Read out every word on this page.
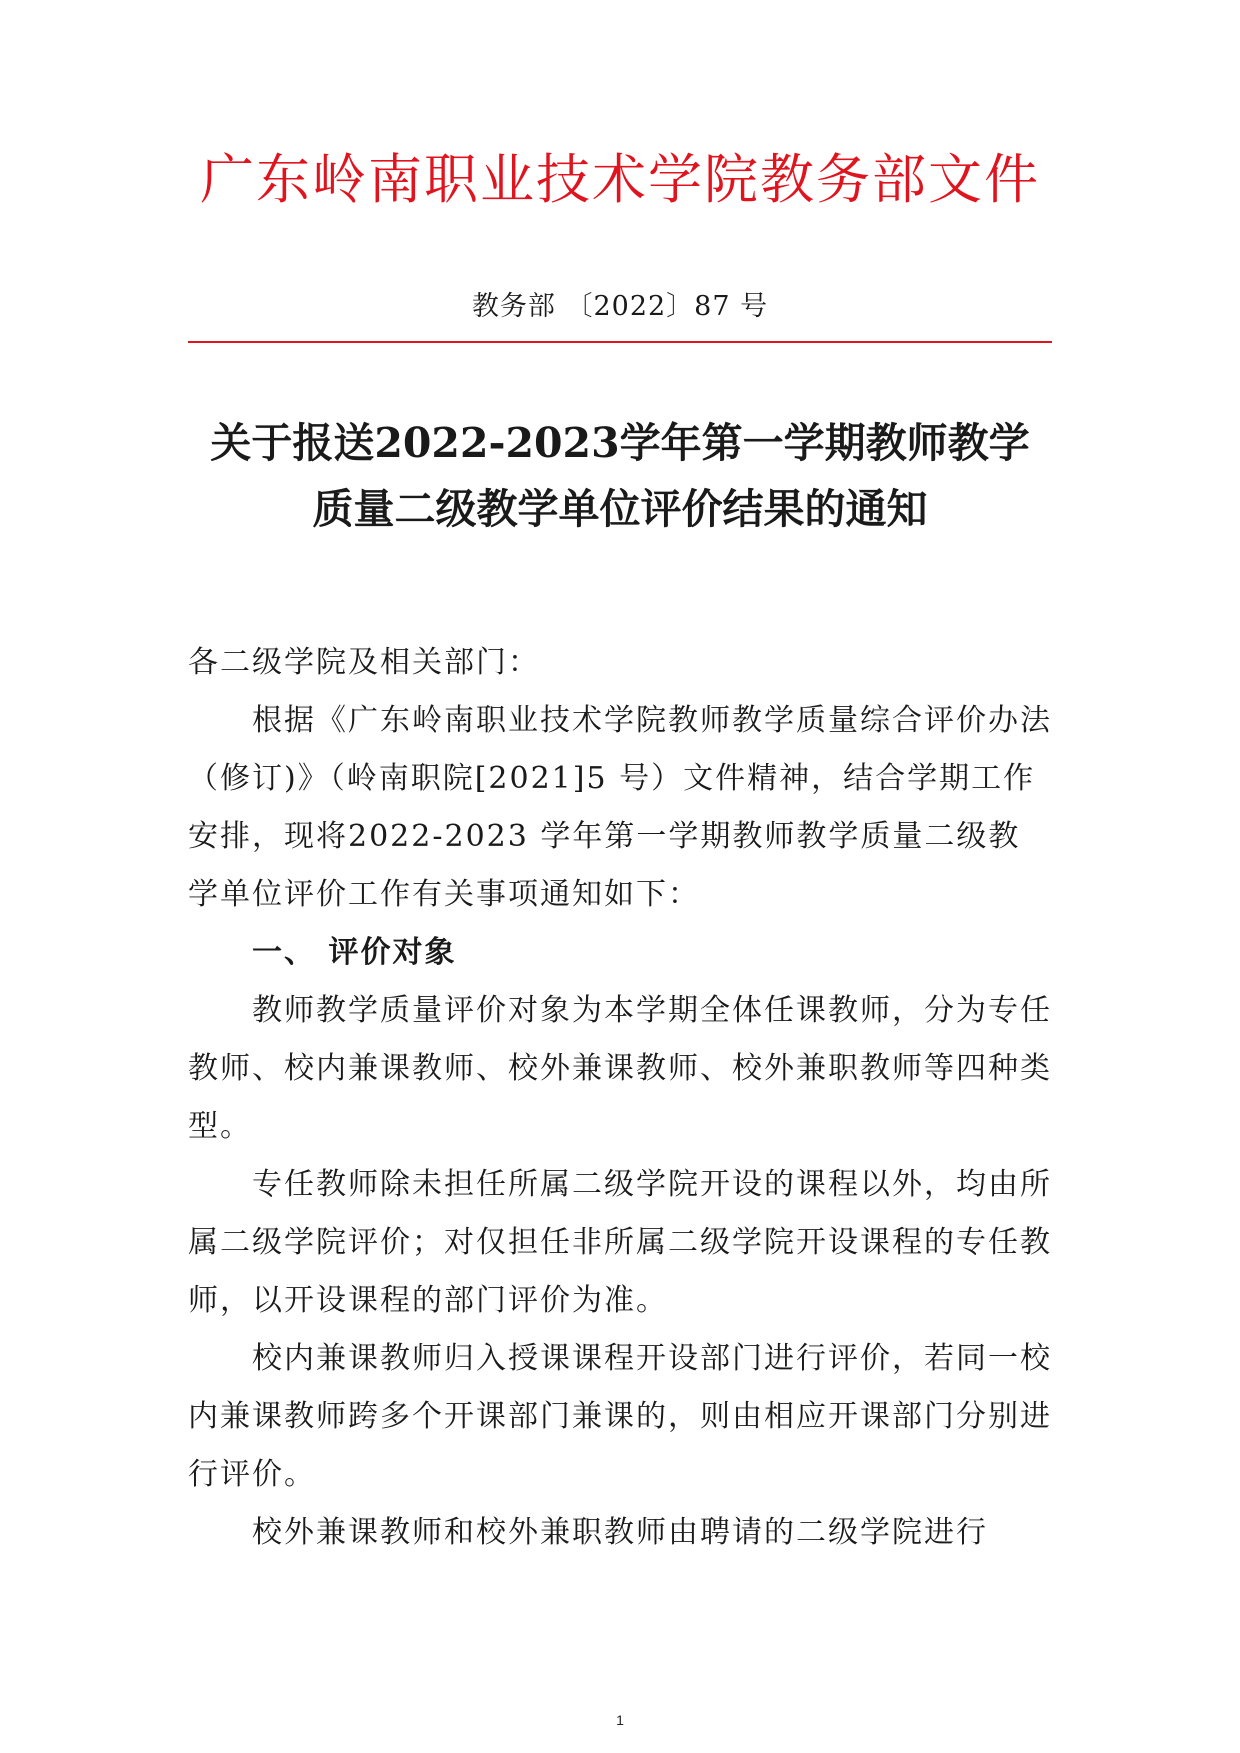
广东岭南职业技术学院教务部文件
教务部 〔2022〕87 号
关于报送2022-2023学年第一学期教师教学
质量二级教学单位评价结果的通知

各二级学院及相关部门：

根据《广东岭南职业技术学院教师教学质量综合评价办法（修订)》（岭南职院[2021]5 号）文件精神，结合学期工作安排，现将2022-2023 学年第一学期教师教学质量二级教学单位评价工作有关事项通知如下：

一、 评价对象

教师教学质量评价对象为本学期全体任课教师，分为专任教师、校内兼课教师、校外兼课教师、校外兼职教师等四种类型。

专任教师除未担任所属二级学院开设的课程以外，均由所属二级学院评价；对仅担任非所属二级学院开设课程的专任教师，以开设课程的部门评价为准。

校内兼课教师归入授课课程开设部门进行评价，若同一校内兼课教师跨多个开课部门兼课的，则由相应开课部门分别进行评价。

校外兼课教师和校外兼职教师由聘请的二级学院进行

1
